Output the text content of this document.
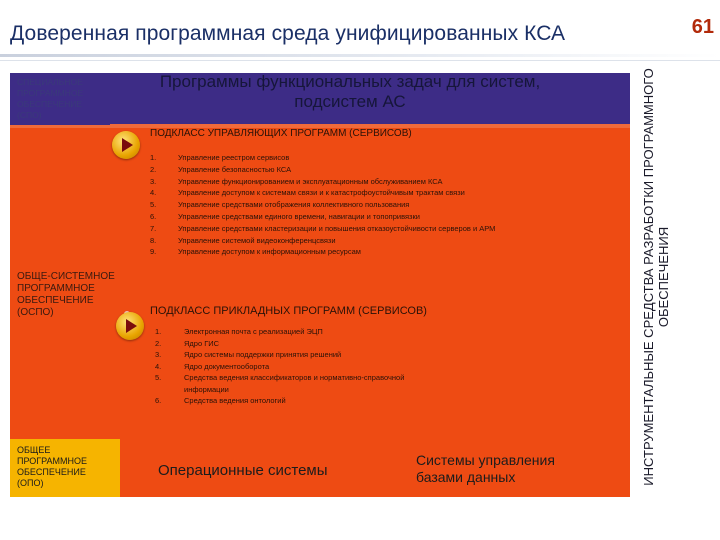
Доверенная программная среда унифицированных КСА	61
СПЕЦИАЛЬНОЕ ПРОГРАММНОЕ ОБЕСПЕЧЕНИЕ (СПО)
Программы функциональных задач для систем, подсистем АС
ПОДКЛАСС УПРАВЛЯЮЩИХ ПРОГРАММ (СЕРВИСОВ)
1.	Управление реестром сервисов
2.	Управление безопасностью КСА
3.	Управление функционированием и эксплуатационным обслуживанием КСА
4.	Управление доступом к системам связи и к катастрофоустойчивым трактам связи
5.	Управление средствами отображения коллективного пользования
6.	Управление средствами единого времени, навигации и топопривязки
7.	Управление средствами кластеризации и повышения отказоустойчивости серверов и АРМ
8.	Управление системой видеоконференцсвязи
9.	Управление доступом к информационным ресурсам
ОБЩЕ-СИСТЕМНОЕ ПРОГРАММНОЕ ОБЕСПЕЧЕНИЕ (ОСПО)	ПОДКЛАСС ПРИКЛАДНЫХ ПРОГРАММ (СЕРВИСОВ)
1.	Электронная почта с реализацией ЭЦП
2.	Ядро ГИС
3.	Ядро системы поддержки принятия решений
4.	Ядро документооборота
5.	Средства ведения классификаторов и нормативно-справочной
информации
6.	Средства ведения онтологий
ОБЩЕЕ ПРОГРАММНОЕ ОБЕСПЕЧЕНИЕ (ОПО)
Операционные системы
Системы управления базами данных	ИНСТРУМЕНТАЛЬНЫЕ СРЕДСТВА РАЗРАБОТКИ ПРОГРАММНОГО ОБЕСПЕЧЕНИЯ
